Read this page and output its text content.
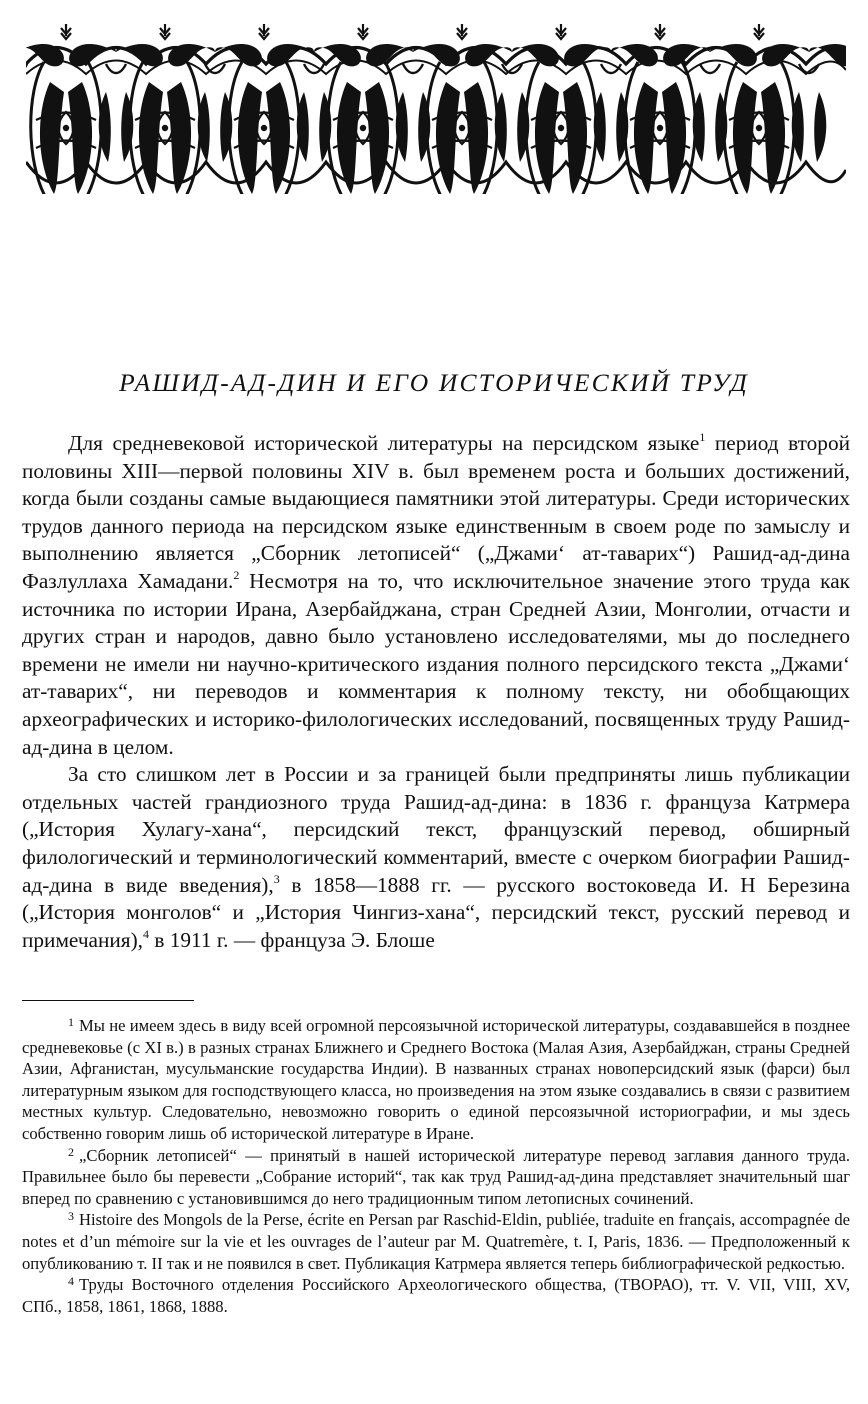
РАШИД-АД-ДИН И ЕГО ИСТОРИЧЕСКИЙ ТРУД

Для средневековой исторической литературы на персидском языке$^1$ период второй половины XIII—первой половины XIV в. был временем роста и больших достижений, когда были созданы самые выдающиеся памятники этой литературы. Среди исторических трудов данного периода на персидском языке единственным в своем роде по замыслу и выполнению является „Сборник летописей“ („Джами‘ ат-таварих“) Рашид-ад-дина Фазлуллаха Хамадани.$^2$ Несмотря на то, что исключительное значение этого труда как источника по истории Ирана, Азербайджана, стран Средней Азии, Монголии, отчасти и других стран и народов, давно было установлено исследователями, мы до последнего времени не имели ни научно-критического издания полного персидского текста „Джами‘ ат-таварих“, ни переводов и комментария к полному тексту, ни обобщающих археографических и историко-филологических исследований, посвященных труду Рашид-ад-дина в целом.

За сто слишком лет в России и за границей были предприняты лишь публикации отдельных частей грандиозного труда Рашид-ад-дина: в 1836 г. француза Катрмера („История Хулагу-хана“, персидский текст, французский перевод, обширный филологический и терминологический комментарий, вместе с очерком биографии Рашид-ад-дина в виде введения),$^3$ в 1858—1888 гг. — русского востоковеда И. Н Березина („История монголов“ и „История Чингиз-хана“, персидский текст, русский перевод и примечания),$^4$ в 1911 г. — француза Э. Блоше

$^1$ Мы не имеем здесь в виду всей огромной персоязычной исторической литературы, создававшейся в позднее средневековье (с XI в.) в разных странах Ближнего и Среднего Востока (Малая Азия, Азербайджан, страны Средней Азии, Афганистан, мусульманские государства Индии). В названных странах новоперсидский язык (фарси) был литературным языком для господствующего класса, но произведения на этом языке создавались в связи с развитием местных культур. Следовательно, невозможно говорить о единой персоязычной историографии, и мы здесь собственно говорим лишь об исторической литературе в Иране.

$^2$ „Сборник летописей“ — принятый в нашей исторической литературе перевод заглавия данного труда. Правильнее было бы перевести „Собрание историй“, так как труд Рашид-ад-дина представляет значительный шаг вперед по сравнению с установившимся до него традиционным типом летописных сочинений.

$^3$ Histoire des Mongols de la Perse, écrite en Persan par Raschid-Eldin, publiée, traduite en français, accompagnée de notes et d’un mémoire sur la vie et les ouvrages de l’auteur par M. Quatremère, t. I, Paris, 1836. — Предположенный к опубликованию т. II так и не появился в свет. Публикация Катрмера является теперь библиографической редкостью.

$^4$ Труды Восточного отделения Российского Археологического общества, (ТВОРАО), тт. V. VII, VIII, XV, СПб., 1858, 1861, 1868, 1888.
